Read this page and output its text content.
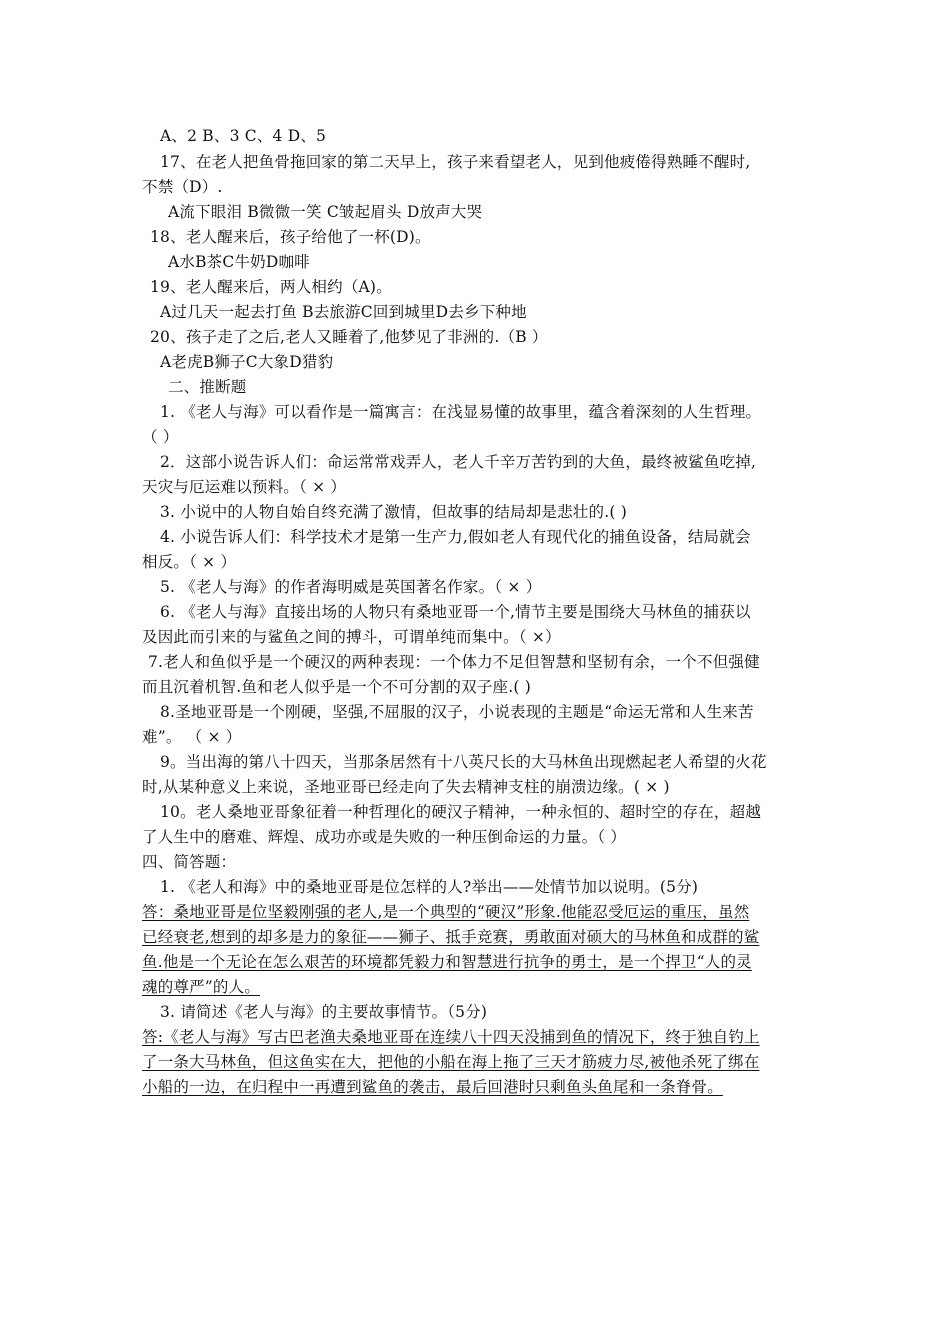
A、2 B、3 C、4 D、5
17、在老人把鱼骨拖回家的第二天早上，孩子来看望老人，见到他疲倦得熟睡不醒时,
不禁（D）.
A流下眼泪 B微微一笑 C皱起眉头 D放声大哭
18、老人醒来后，孩子给他了一杯(D)。
A水B茶C牛奶D咖啡
19、老人醒来后，两人相约（A)。
A过几天一起去打鱼 B去旅游C回到城里D去乡下种地
20、孩子走了之后,老人又睡着了,他梦见了非洲的.（B ）
A老虎B狮子C大象D猎豹
二、推断题
1. 《老人与海》可以看作是一篇寓言：在浅显易懂的故事里，蕴含着深刻的人生哲理。
（ ）
2．这部小说告诉人们：命运常常戏弄人，老人千辛万苦钓到的大鱼，最终被鲨鱼吃掉,
天灾与厄运难以预料。（ × ）
3. 小说中的人物自始自终充满了激情，但故事的结局却是悲壮的.( )
4. 小说告诉人们：科学技术才是第一生产力,假如老人有现代化的捕鱼设备，结局就会
相反。（ × ）
5. 《老人与海》的作者海明威是英国著名作家。（ × ）
6. 《老人与海》直接出场的人物只有桑地亚哥一个,情节主要是围绕大马林鱼的捕获以
及因此而引来的与鲨鱼之间的搏斗，可谓单纯而集中。（ ×）
7.老人和鱼似乎是一个硬汉的两种表现：一个体力不足但智慧和坚韧有余，一个不但强健
而且沉着机智.鱼和老人似乎是一个不可分割的双子座.( )
8.圣地亚哥是一个刚硬，坚强,不屈服的汉子，小说表现的主题是“命运无常和人生来苦
难”。 （ × ）
9。当出海的第八十四天，当那条居然有十八英尺长的大马林鱼出现燃起老人希望的火花
时,从某种意义上来说，圣地亚哥已经走向了失去精神支柱的崩溃边缘。( × )
10。老人桑地亚哥象征着一种哲理化的硬汉子精神，一种永恒的、超时空的存在，超越
了人生中的磨难、辉煌、成功亦或是失败的一种压倒命运的力量。（ ）
四、简答题：
1. 《老人和海》中的桑地亚哥是位怎样的人?举出——处情节加以说明。(5分)
答：桑地亚哥是位坚毅刚强的老人,是一个典型的“硬汉”形象.他能忍受厄运的重压，虽然
已经衰老,想到的却多是力的象征——狮子、抵手竞赛，勇敢面对硕大的马林鱼和成群的鲨
鱼.他是一个无论在怎么艰苦的环境都凭毅力和智慧进行抗争的勇士，是一个捍卫“人的灵
魂的尊严”的人。
3. 请简述《老人与海》的主要故事情节。（5分)
答:《老人与海》写古巴老渔夫桑地亚哥在连续八十四天没捕到鱼的情况下，终于独自钓上
了一条大马林鱼，但这鱼实在大，把他的小船在海上拖了三天才筋疲力尽,被他杀死了绑在
小船的一边，在归程中一再遭到鲨鱼的袭击，最后回港时只剩鱼头鱼尾和一条脊骨。
